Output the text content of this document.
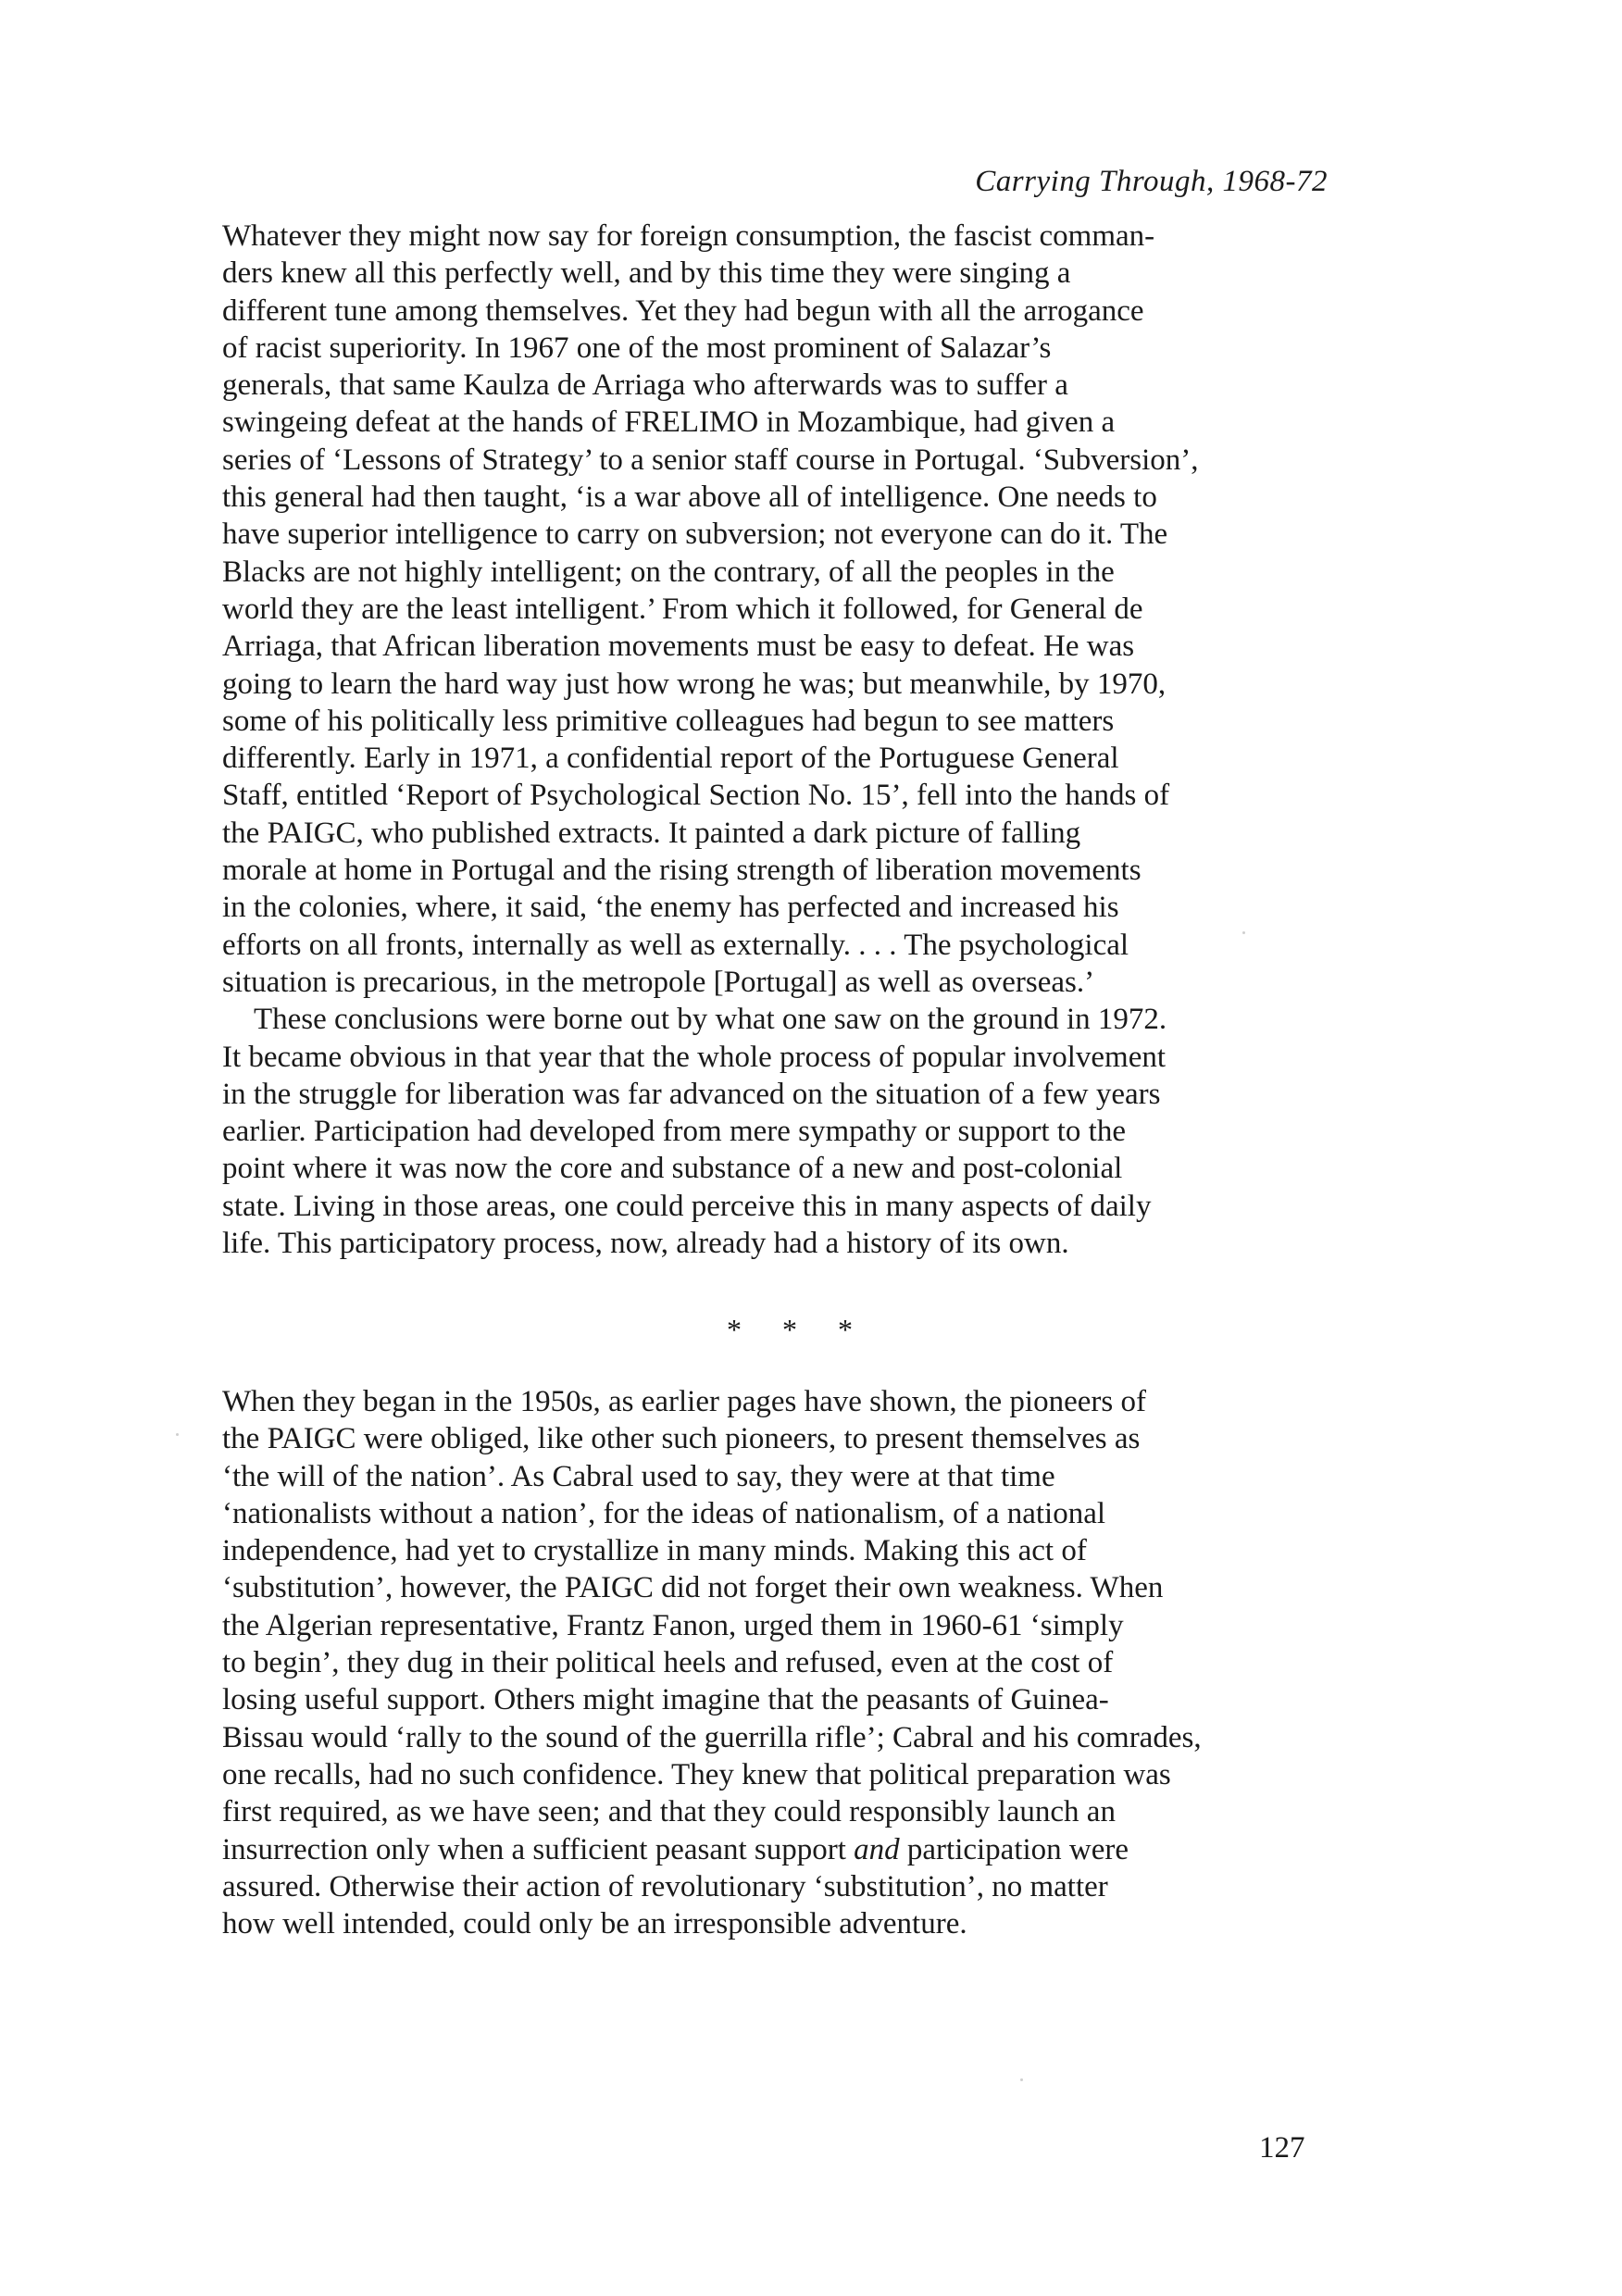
Carrying Through, 1968-72
Whatever they might now say for foreign consumption, the fascist comman-
ders knew all this perfectly well, and by this time they were singing a
different tune among themselves. Yet they had begun with all the arrogance
of racist superiority. In 1967 one of the most prominent of Salazar’s
generals, that same Kaulza de Arriaga who afterwards was to suffer a
swingeing defeat at the hands of FRELIMO in Mozambique, had given a
series of ‘Lessons of Strategy’ to a senior staff course in Portugal. ‘Subversion’,
this general had then taught, ‘is a war above all of intelligence. One needs to
have superior intelligence to carry on subversion; not everyone can do it. The
Blacks are not highly intelligent; on the contrary, of all the peoples in the
world they are the least intelligent.’ From which it followed, for General de
Arriaga, that African liberation movements must be easy to defeat. He was
going to learn the hard way just how wrong he was; but meanwhile, by 1970,
some of his politically less primitive colleagues had begun to see matters
differently. Early in 1971, a confidential report of the Portuguese General
Staff, entitled ‘Report of Psychological Section No. 15’, fell into the hands of
the PAIGC, who published extracts. It painted a dark picture of falling
morale at home in Portugal and the rising strength of liberation movements
in the colonies, where, it said, ‘the enemy has perfected and increased his
efforts on all fronts, internally as well as externally. . . . The psychological
situation is precarious, in the metropole [Portugal] as well as overseas.’
These conclusions were borne out by what one saw on the ground in 1972.
It became obvious in that year that the whole process of popular involvement
in the struggle for liberation was far advanced on the situation of a few years
earlier. Participation had developed from mere sympathy or support to the
point where it was now the core and substance of a new and post-colonial
state. Living in those areas, one could perceive this in many aspects of daily
life. This participatory process, now, already had a history of its own.
* * *
When they began in the 1950s, as earlier pages have shown, the pioneers of
the PAIGC were obliged, like other such pioneers, to present themselves as
‘the will of the nation’. As Cabral used to say, they were at that time
‘nationalists without a nation’, for the ideas of nationalism, of a national
independence, had yet to crystallize in many minds. Making this act of
‘substitution’, however, the PAIGC did not forget their own weakness. When
the Algerian representative, Frantz Fanon, urged them in 1960-61 ‘simply
to begin’, they dug in their political heels and refused, even at the cost of
losing useful support. Others might imagine that the peasants of Guinea-
Bissau would ‘rally to the sound of the guerrilla rifle’; Cabral and his comrades,
one recalls, had no such confidence. They knew that political preparation was
first required, as we have seen; and that they could responsibly launch an
insurrection only when a sufficient peasant support and participation were
assured. Otherwise their action of revolutionary ‘substitution’, no matter
how well intended, could only be an irresponsible adventure.
127
